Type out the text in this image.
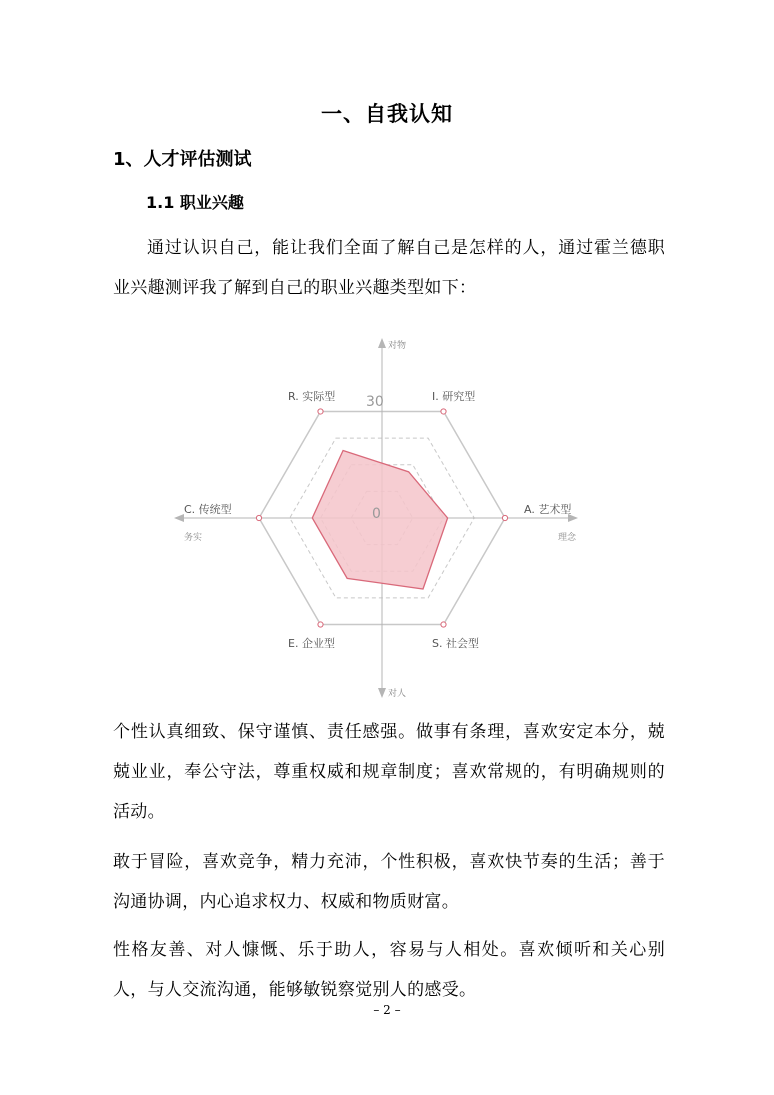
一、自我认知
1、人才评估测试
1.1 职业兴趣

通过认识自己，能让我们全面了解自己是怎样的人，通过霍兰德职业兴趣测评我了解到自己的职业兴趣类型如下：

30
0
对物
对人
务实	理念
R. 实际型	I. 研究型
A. 艺术型
S. 社会型
E. 企业型
C. 传统型

个性认真细致、保守谨慎、责任感强。做事有条理，喜欢安定本分，兢兢业业，奉公守法，尊重权威和规章制度；喜欢常规的，有明确规则的活动。

敢于冒险，喜欢竞争，精力充沛，个性积极，喜欢快节奏的生活；善于沟通协调，内心追求权力、权威和物质财富。

性格友善、对人慷慨、乐于助人，容易与人相处。喜欢倾听和关心别人，与人交流沟通，能够敏锐察觉别人的感受。

– 2 –
